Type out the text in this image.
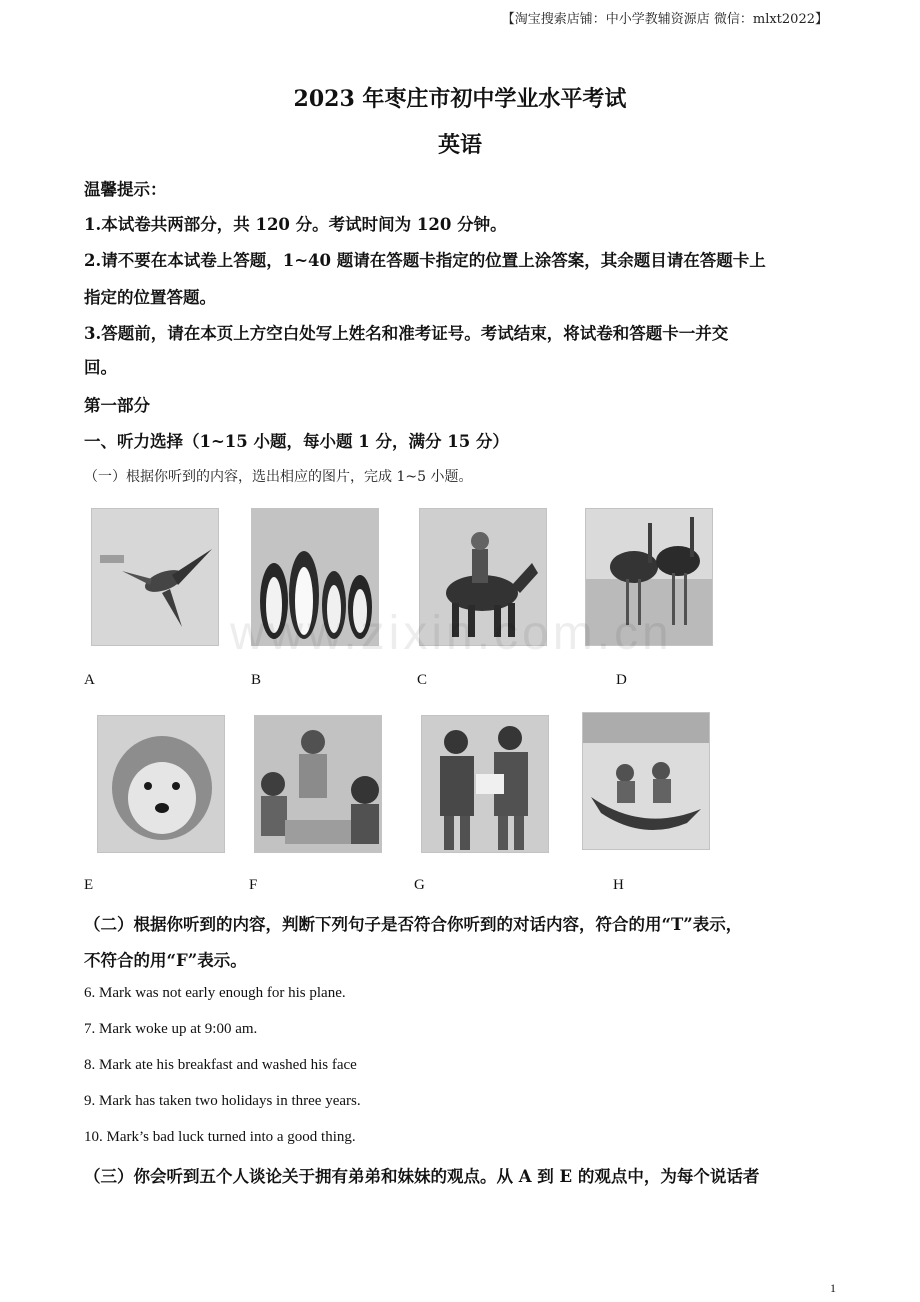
【淘宝搜索店铺：中小学教辅资源店 微信：mlxt2022】
2023 年枣庄市初中学业水平考试
英语
温馨提示：
1.本试卷共两部分，共 120 分。考试时间为 120 分钟。
2.请不要在本试卷上答题，1~40 题请在答题卡指定的位置上涂答案，其余题目请在答题卡上
指定的位置答题。
3.答题前，请在本页上方空白处写上姓名和准考证号。考试结束，将试卷和答题卡一并交
回。
第一部分
一、听力选择（1~15 小题，每小题 1 分，满分 15 分）
（一）根据你听到的内容，选出相应的图片，完成 1~5 小题。
A	B	C	D
E	F	G	H
www.zixin.com.cn
（二）根据你听到的内容，判断下列句子是否符合你听到的对话内容，符合的用“T”表示，
不符合的用“F”表示。
6. Mark was not early enough for his plane.
7. Mark woke up at 9:00 am.
8. Mark ate his breakfast and washed his face
9. Mark has taken two holidays in three years.
10. Mark’s bad luck turned into a good thing.
（三）你会听到五个人谈论关于拥有弟弟和妹妹的观点。从 A 到 E 的观点中，为每个说话者
1
